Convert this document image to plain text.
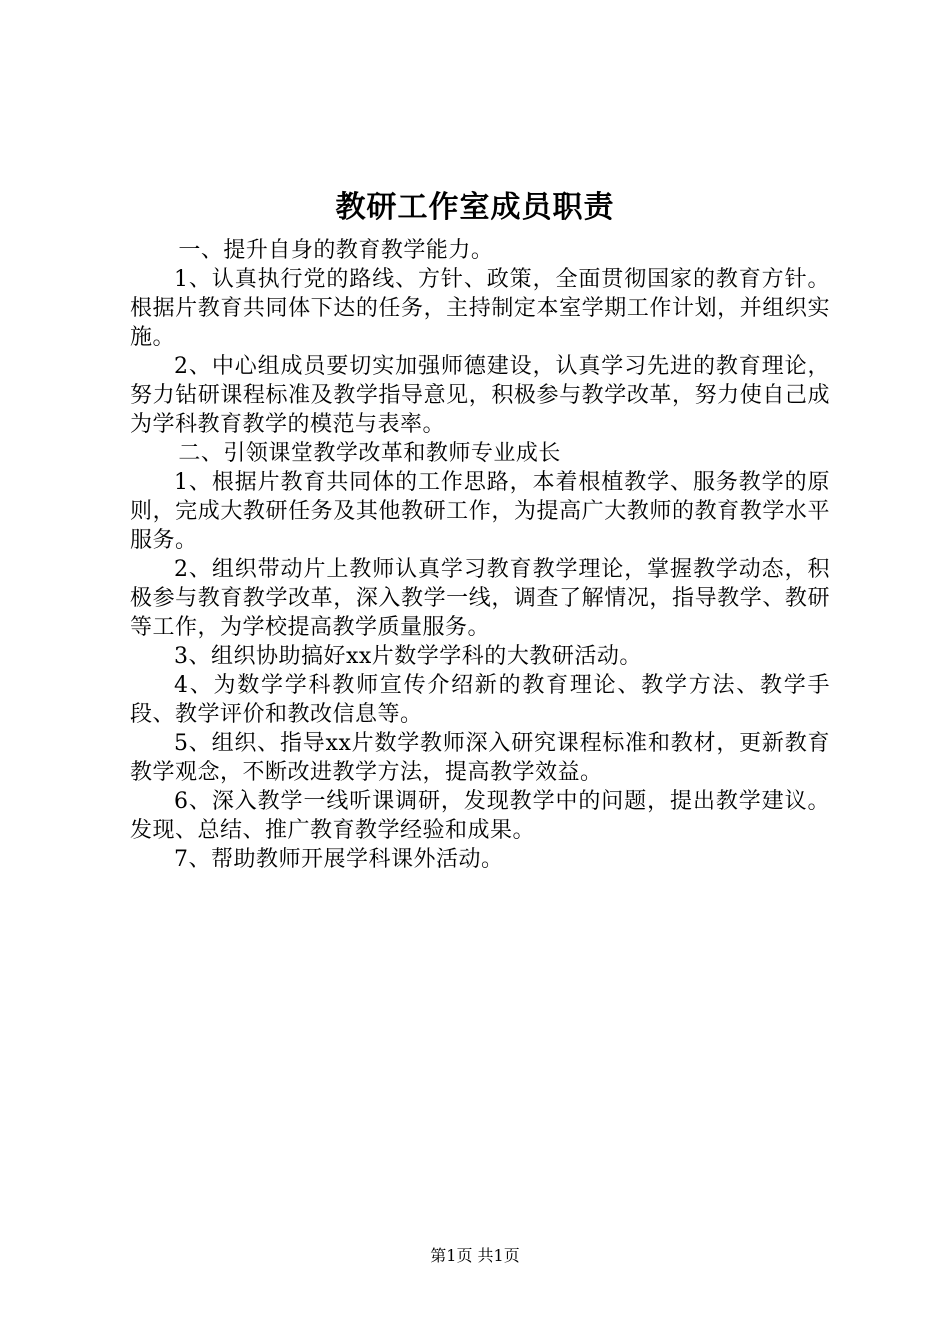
教研工作室成员职责

一、提升自身的教育教学能力。

1、认真执行党的路线、方针、政策，全面贯彻国家的教育方针。根据片教育共同体下达的任务，主持制定本室学期工作计划，并组织实施。

2、中心组成员要切实加强师德建设，认真学习先进的教育理论，努力钻研课程标准及教学指导意见，积极参与教学改革，努力使自己成为学科教育教学的模范与表率。

二、引领课堂教学改革和教师专业成长

1、根据片教育共同体的工作思路，本着根植教学、服务教学的原则，完成大教研任务及其他教研工作，为提高广大教师的教育教学水平服务。

2、组织带动片上教师认真学习教育教学理论，掌握教学动态，积极参与教育教学改革，深入教学一线，调查了解情况，指导教学、教研等工作，为学校提高教学质量服务。

3、组织协助搞好xx片数学学科的大教研活动。

4、为数学学科教师宣传介绍新的教育理论、教学方法、教学手段、教学评价和教改信息等。

5、组织、指导xx片数学教师深入研究课程标准和教材，更新教育教学观念，不断改进教学方法，提高教学效益。

6、深入教学一线听课调研，发现教学中的问题，提出教学建议。发现、总结、推广教育教学经验和成果。

7、帮助教师开展学科课外活动。

第1页 共1页
